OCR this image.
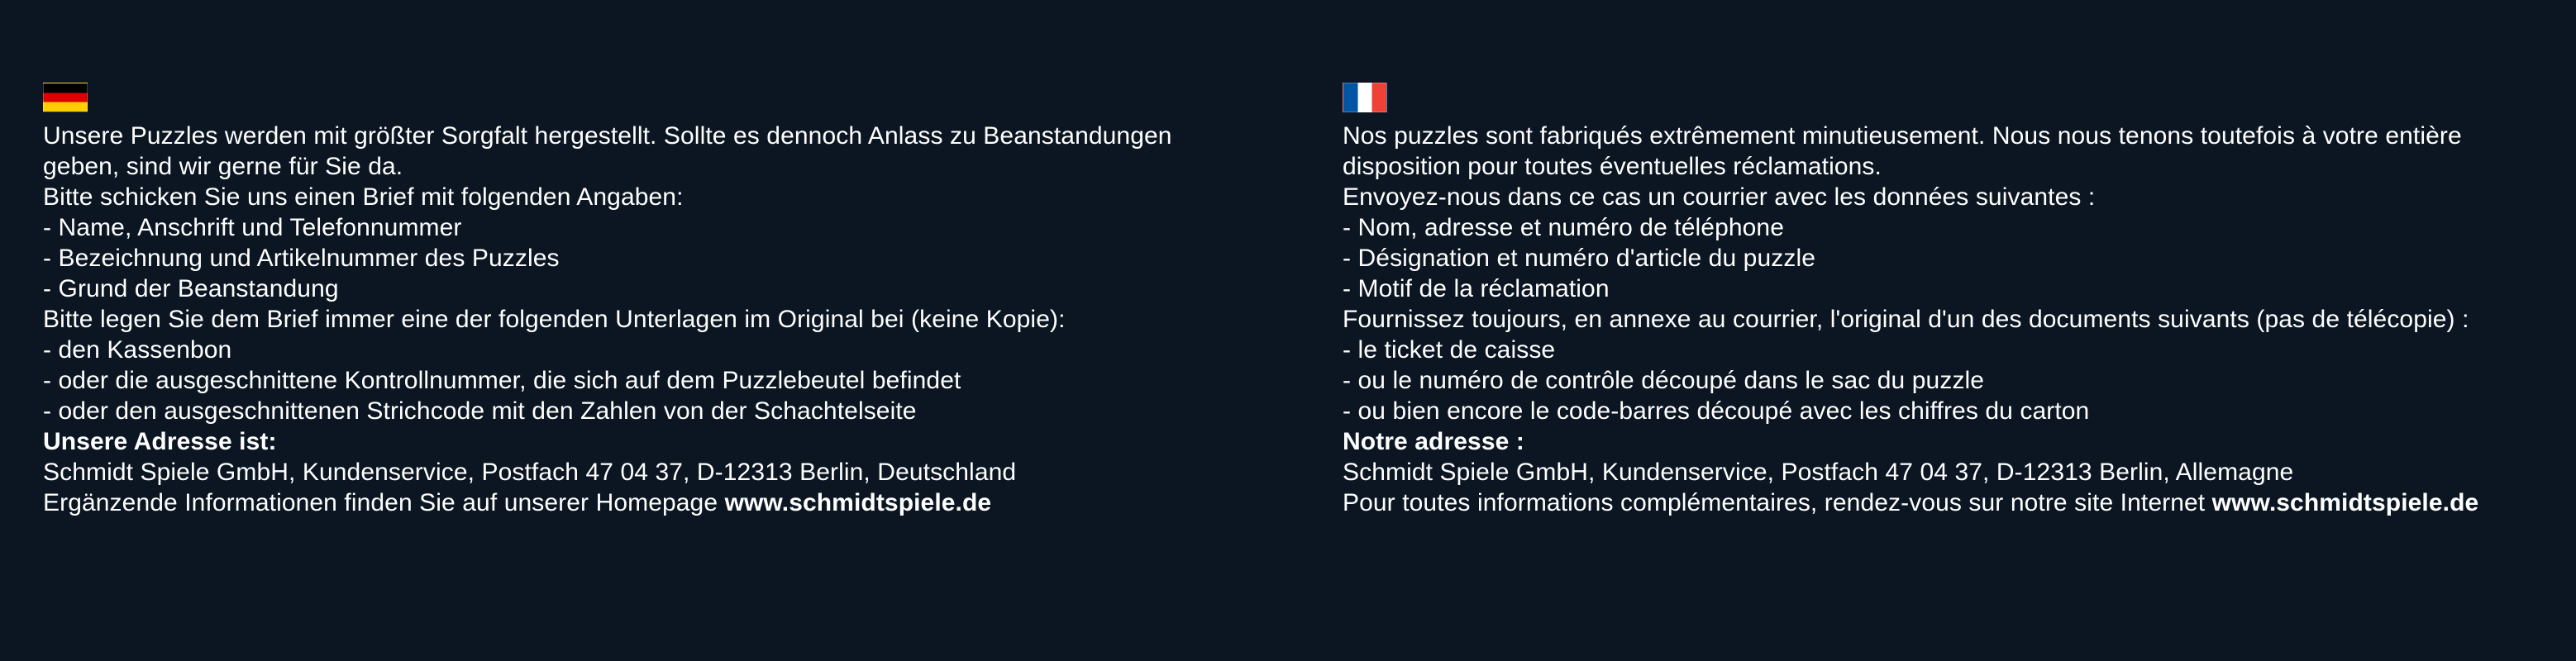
Unsere Puzzles werden mit größter Sorgfalt hergestellt. Sollte es dennoch Anlass zu Beanstandungen
geben, sind wir gerne für Sie da.
Bitte schicken Sie uns einen Brief mit folgenden Angaben:
- Name, Anschrift und Telefonnummer
- Bezeichnung und Artikelnummer des Puzzles
- Grund der Beanstandung
Bitte legen Sie dem Brief immer eine der folgenden Unterlagen im Original bei (keine Kopie):
- den Kassenbon
- oder die ausgeschnittene Kontrollnummer, die sich auf dem Puzzlebeutel befindet
- oder den ausgeschnittenen Strichcode mit den Zahlen von der Schachtelseite
Unsere Adresse ist:
Schmidt Spiele GmbH, Kundenservice, Postfach 47 04 37, D-12313 Berlin, Deutschland
Ergänzende Informationen finden Sie auf unserer Homepage www.schmidtspiele.de
Nos puzzles sont fabriqués extrêmement minutieusement. Nous nous tenons toutefois à votre entière
disposition pour toutes éventuelles réclamations.
Envoyez-nous dans ce cas un courrier avec les données suivantes :
- Nom, adresse et numéro de téléphone
- Désignation et numéro d'article du puzzle
- Motif de la réclamation
Fournissez toujours, en annexe au courrier, l'original d'un des documents suivants (pas de télécopie) :
- le ticket de caisse
- ou le numéro de contrôle découpé dans le sac du puzzle
- ou bien encore le code-barres découpé avec les chiffres du carton
Notre adresse :
Schmidt Spiele GmbH, Kundenservice, Postfach 47 04 37, D-12313 Berlin, Allemagne
Pour toutes informations complémentaires, rendez-vous sur notre site Internet www.schmidtspiele.de
